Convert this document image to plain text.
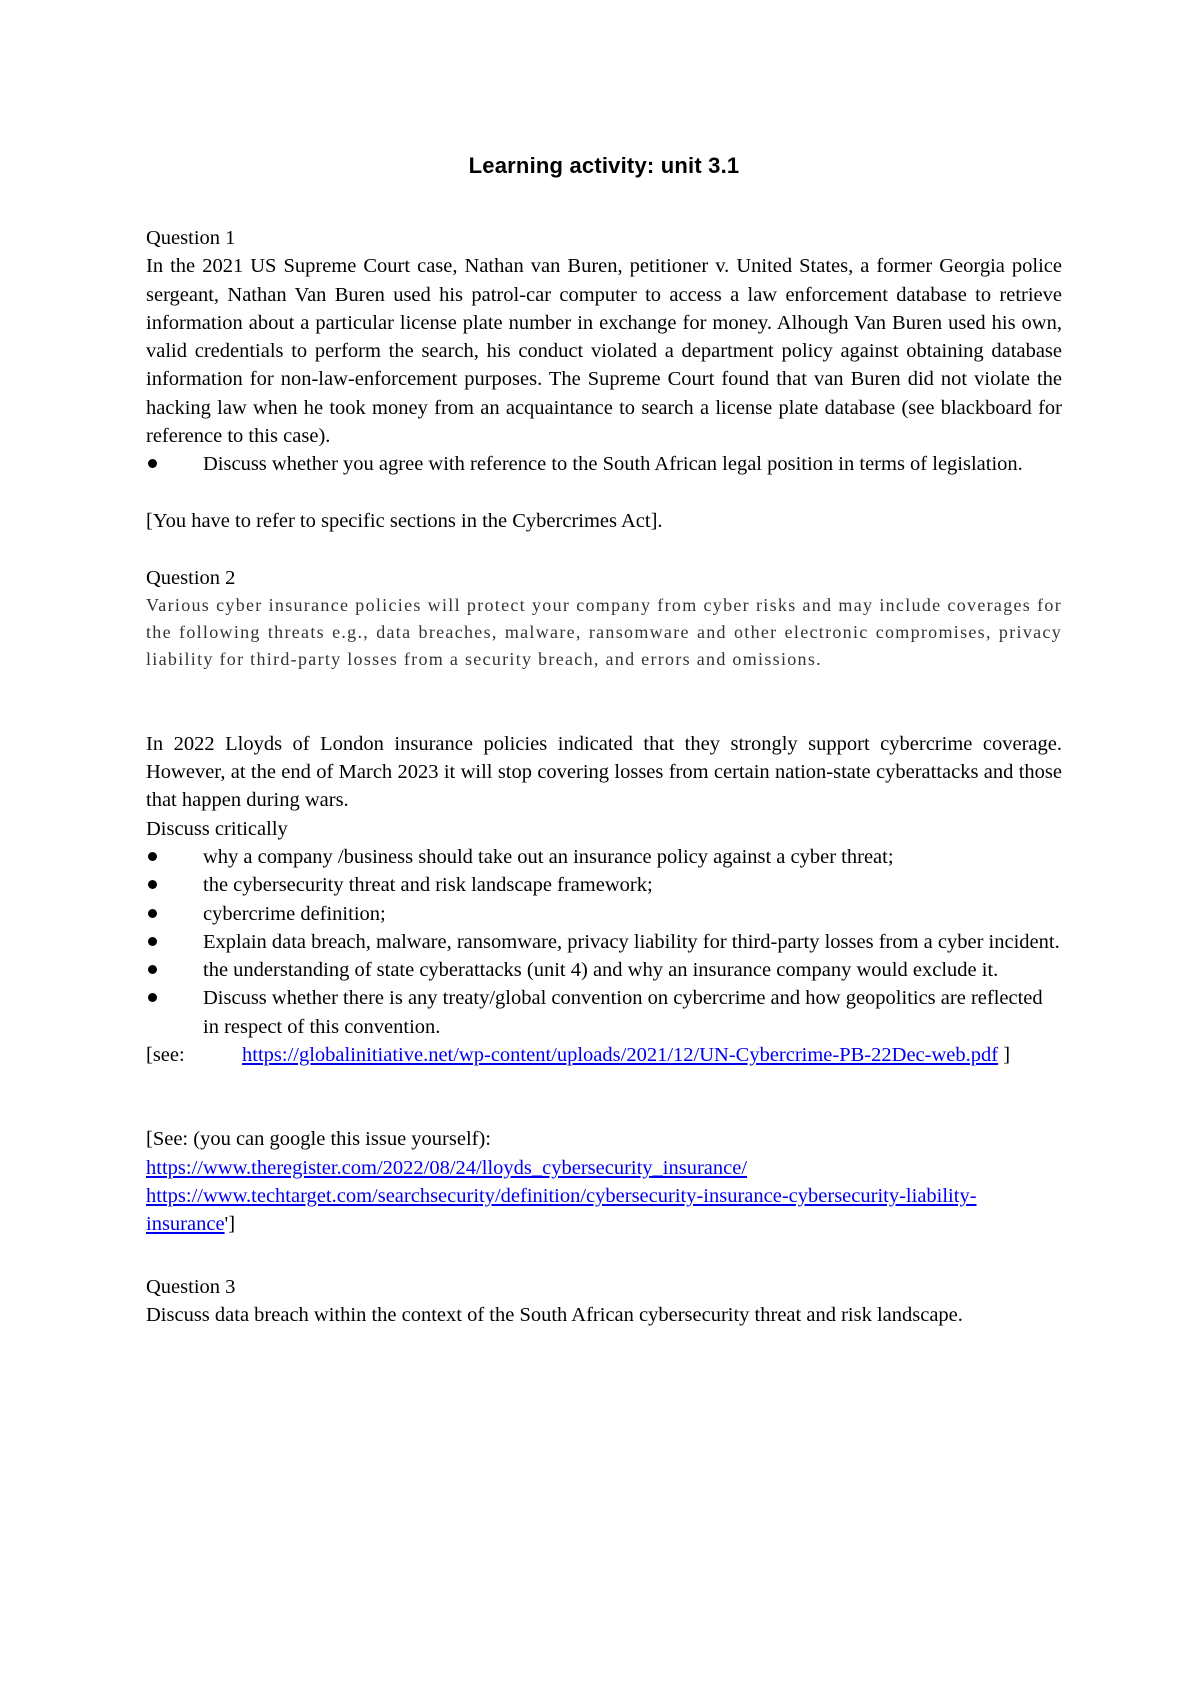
Learning activity: unit 3.1

Question 1

In the 2021 US Supreme Court case, Nathan van Buren, petitioner v. United States, a former Georgia police sergeant, Nathan Van Buren used his patrol-car computer to access a law enforcement database to retrieve information about a particular license plate number in exchange for money. Alhough Van Buren used his own, valid credentials to perform the search, his conduct violated a department policy against obtaining database information for non-law-enforcement purposes. The Supreme Court found that van Buren did not violate the hacking law when he took money from an acquaintance to search a license plate database (see blackboard for reference to this case).

Discuss whether you agree with reference to the South African legal position in terms of legislation.

[You have to refer to specific sections in the Cybercrimes Act].

Question 2

Various cyber insurance policies will protect your company from cyber risks and may include coverages for the following threats e.g., data breaches, malware, ransomware and other electronic compromises, privacy liability for third-party losses from a security breach, and errors and omissions.

In 2022 Lloyds of London insurance policies indicated that they strongly support cybercrime coverage. However, at the end of March 2023 it will stop covering losses from certain nation-state cyberattacks and those that happen during wars.

Discuss critically

why a company /business should take out an insurance policy against a cyber threat;
the cybersecurity threat and risk landscape framework;
cybercrime definition;
Explain data breach, malware, ransomware, privacy liability for third-party losses from a cyber incident.
the understanding of state cyberattacks (unit 4) and why an insurance company would exclude it.
Discuss whether there is any treaty/global convention on cybercrime and how geopolitics are reflected in respect of this convention.
[see:	https://globalinitiative.net/wp-content/uploads/2021/12/UN-Cybercrime-PB-22Dec-web.pdf ]

[See: (you can google this issue yourself):

https://www.theregister.com/2022/08/24/lloyds_cybersecurity_insurance/

https://www.techtarget.com/searchsecurity/definition/cybersecurity-insurance-cybersecurity-liability-insurance']

Question 3

Discuss data breach within the context of the South African cybersecurity threat and risk landscape.
